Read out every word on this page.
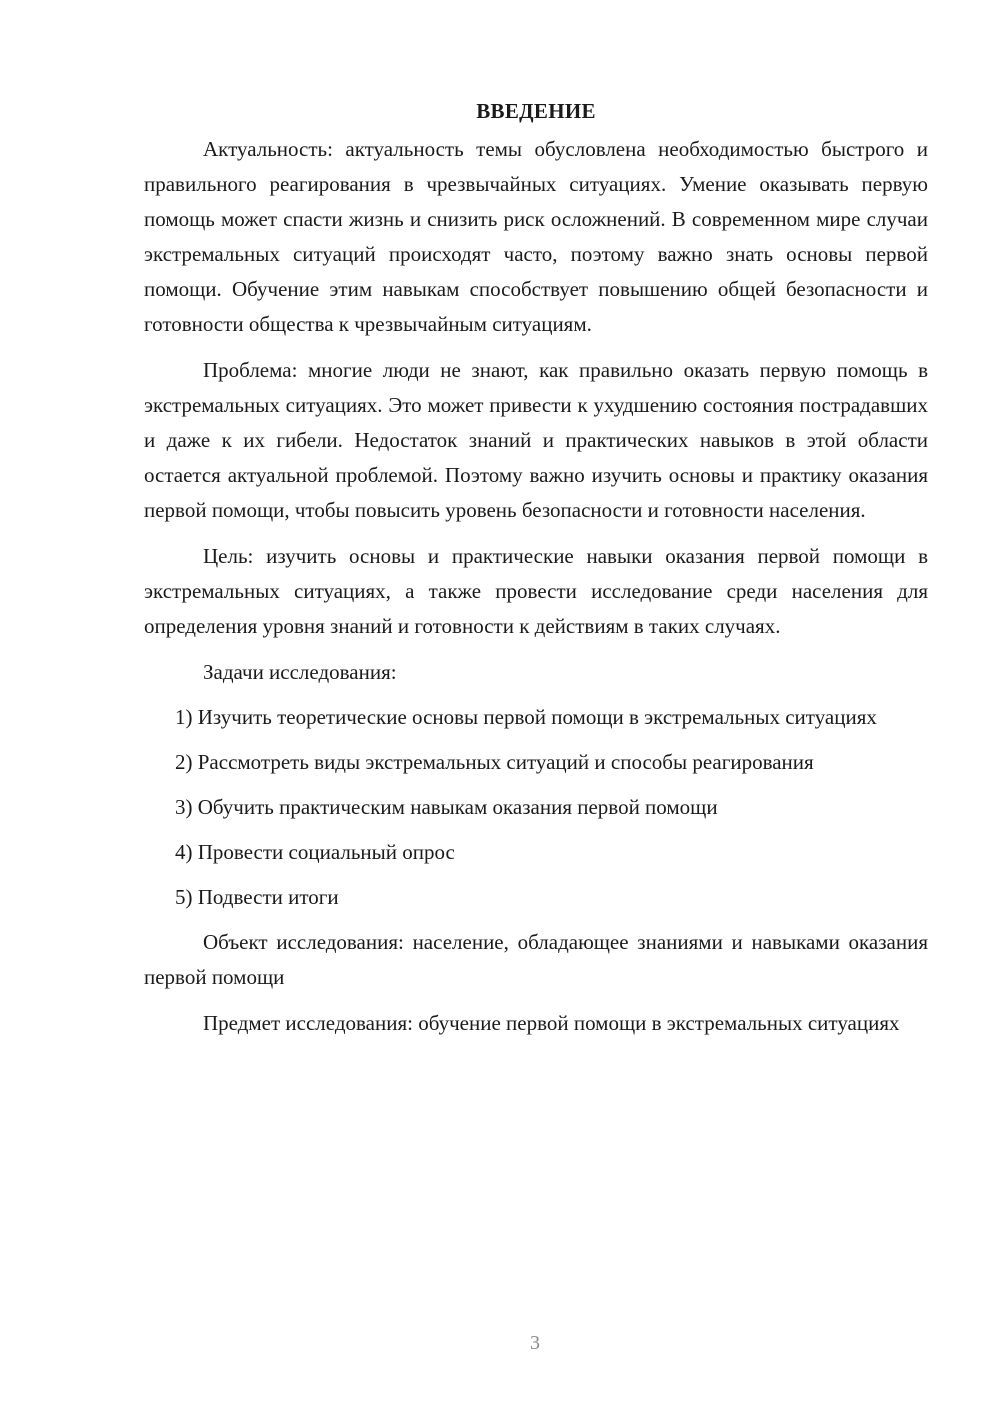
ВВЕДЕНИЕ

Актуальность: актуальность темы обусловлена необходимостью быстрого и правильного реагирования в чрезвычайных ситуациях. Умение оказывать первую помощь может спасти жизнь и снизить риск осложнений. В современном мире случаи экстремальных ситуаций происходят часто, поэтому важно знать основы первой помощи. Обучение этим навыкам способствует повышению общей безопасности и готовности общества к чрезвычайным ситуациям.

Проблема: многие люди не знают, как правильно оказать первую помощь в экстремальных ситуациях. Это может привести к ухудшению состояния пострадавших и даже к их гибели. Недостаток знаний и практических навыков в этой области остается актуальной проблемой. Поэтому важно изучить основы и практику оказания первой помощи, чтобы повысить уровень безопасности и готовности населения.

Цель: изучить основы и практические навыки оказания первой помощи в экстремальных ситуациях, а также провести исследование среди населения для определения уровня знаний и готовности к действиям в таких случаях.

Задачи исследования:

1) Изучить теоретические основы первой помощи в экстремальных ситуациях

2) Рассмотреть виды экстремальных ситуаций и способы реагирования

3) Обучить практическим навыкам оказания первой помощи

4) Провести социальный опрос

5) Подвести итоги

Объект исследования: население, обладающее знаниями и навыками оказания первой помощи

Предмет исследования: обучение первой помощи в экстремальных ситуациях

3
